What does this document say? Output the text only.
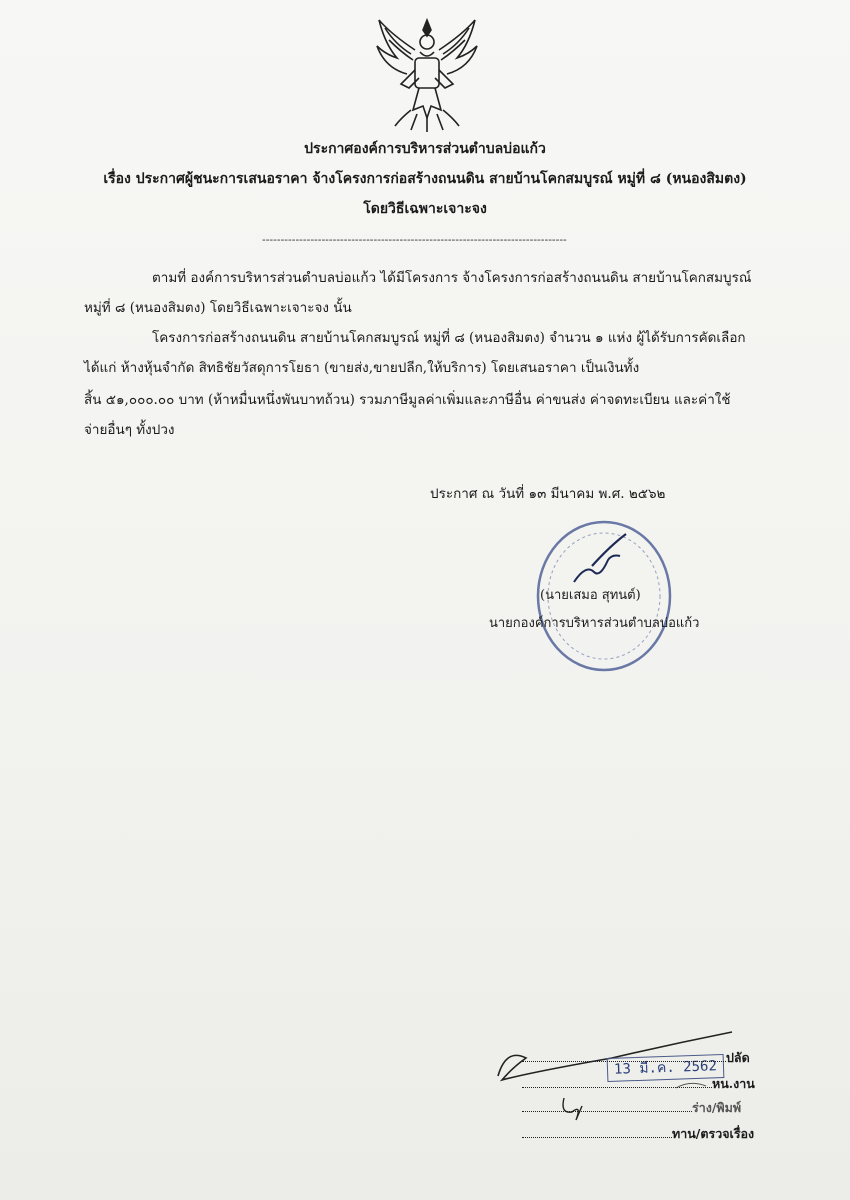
ประกาศองค์การบริหารส่วนตำบลบ่อแก้ว
เรื่อง ประกาศผู้ชนะการเสนอราคา จ้างโครงการก่อสร้างถนนดิน สายบ้านโคกสมบูรณ์ หมู่ที่ ๘ (หนองสิมตง)
โดยวิธีเฉพาะเจาะจง
----------------------------------------------------------------------------------
ตามที่ องค์การบริหารส่วนตำบลบ่อแก้ว ได้มีโครงการ จ้างโครงการก่อสร้างถนนดิน สายบ้านโคกสมบูรณ์
หมู่ที่ ๘ (หนองสิมตง) โดยวิธีเฉพาะเจาะจง นั้น
โครงการก่อสร้างถนนดิน สายบ้านโคกสมบูรณ์ หมู่ที่ ๘ (หนองสิมตง) จำนวน ๑ แห่ง ผู้ได้รับการคัดเลือก
ได้แก่ ห้างหุ้นจำกัด สิทธิชัยวัสดุการโยธา (ขายส่ง,ขายปลีก,ให้บริการ) โดยเสนอราคา เป็นเงินทั้ง
สิ้น ๕๑,๐๐๐.๐๐ บาท (ห้าหมื่นหนึ่งพันบาทถ้วน) รวมภาษีมูลค่าเพิ่มและภาษีอื่น ค่าขนส่ง ค่าจดทะเบียน และค่าใช้
จ่ายอื่นๆ ทั้งปวง
ประกาศ ณ วันที่ ๑๓ มีนาคม พ.ศ. ๒๕๖๒
(นายเสมอ สุทนต์)
นายกองค์การบริหารส่วนตำบลบ่อแก้ว
13 มี.ค. 2562
ปลัด
หน.งาน
ร่าง/พิมพ์
ทาน/ตรวจเรื่อง
